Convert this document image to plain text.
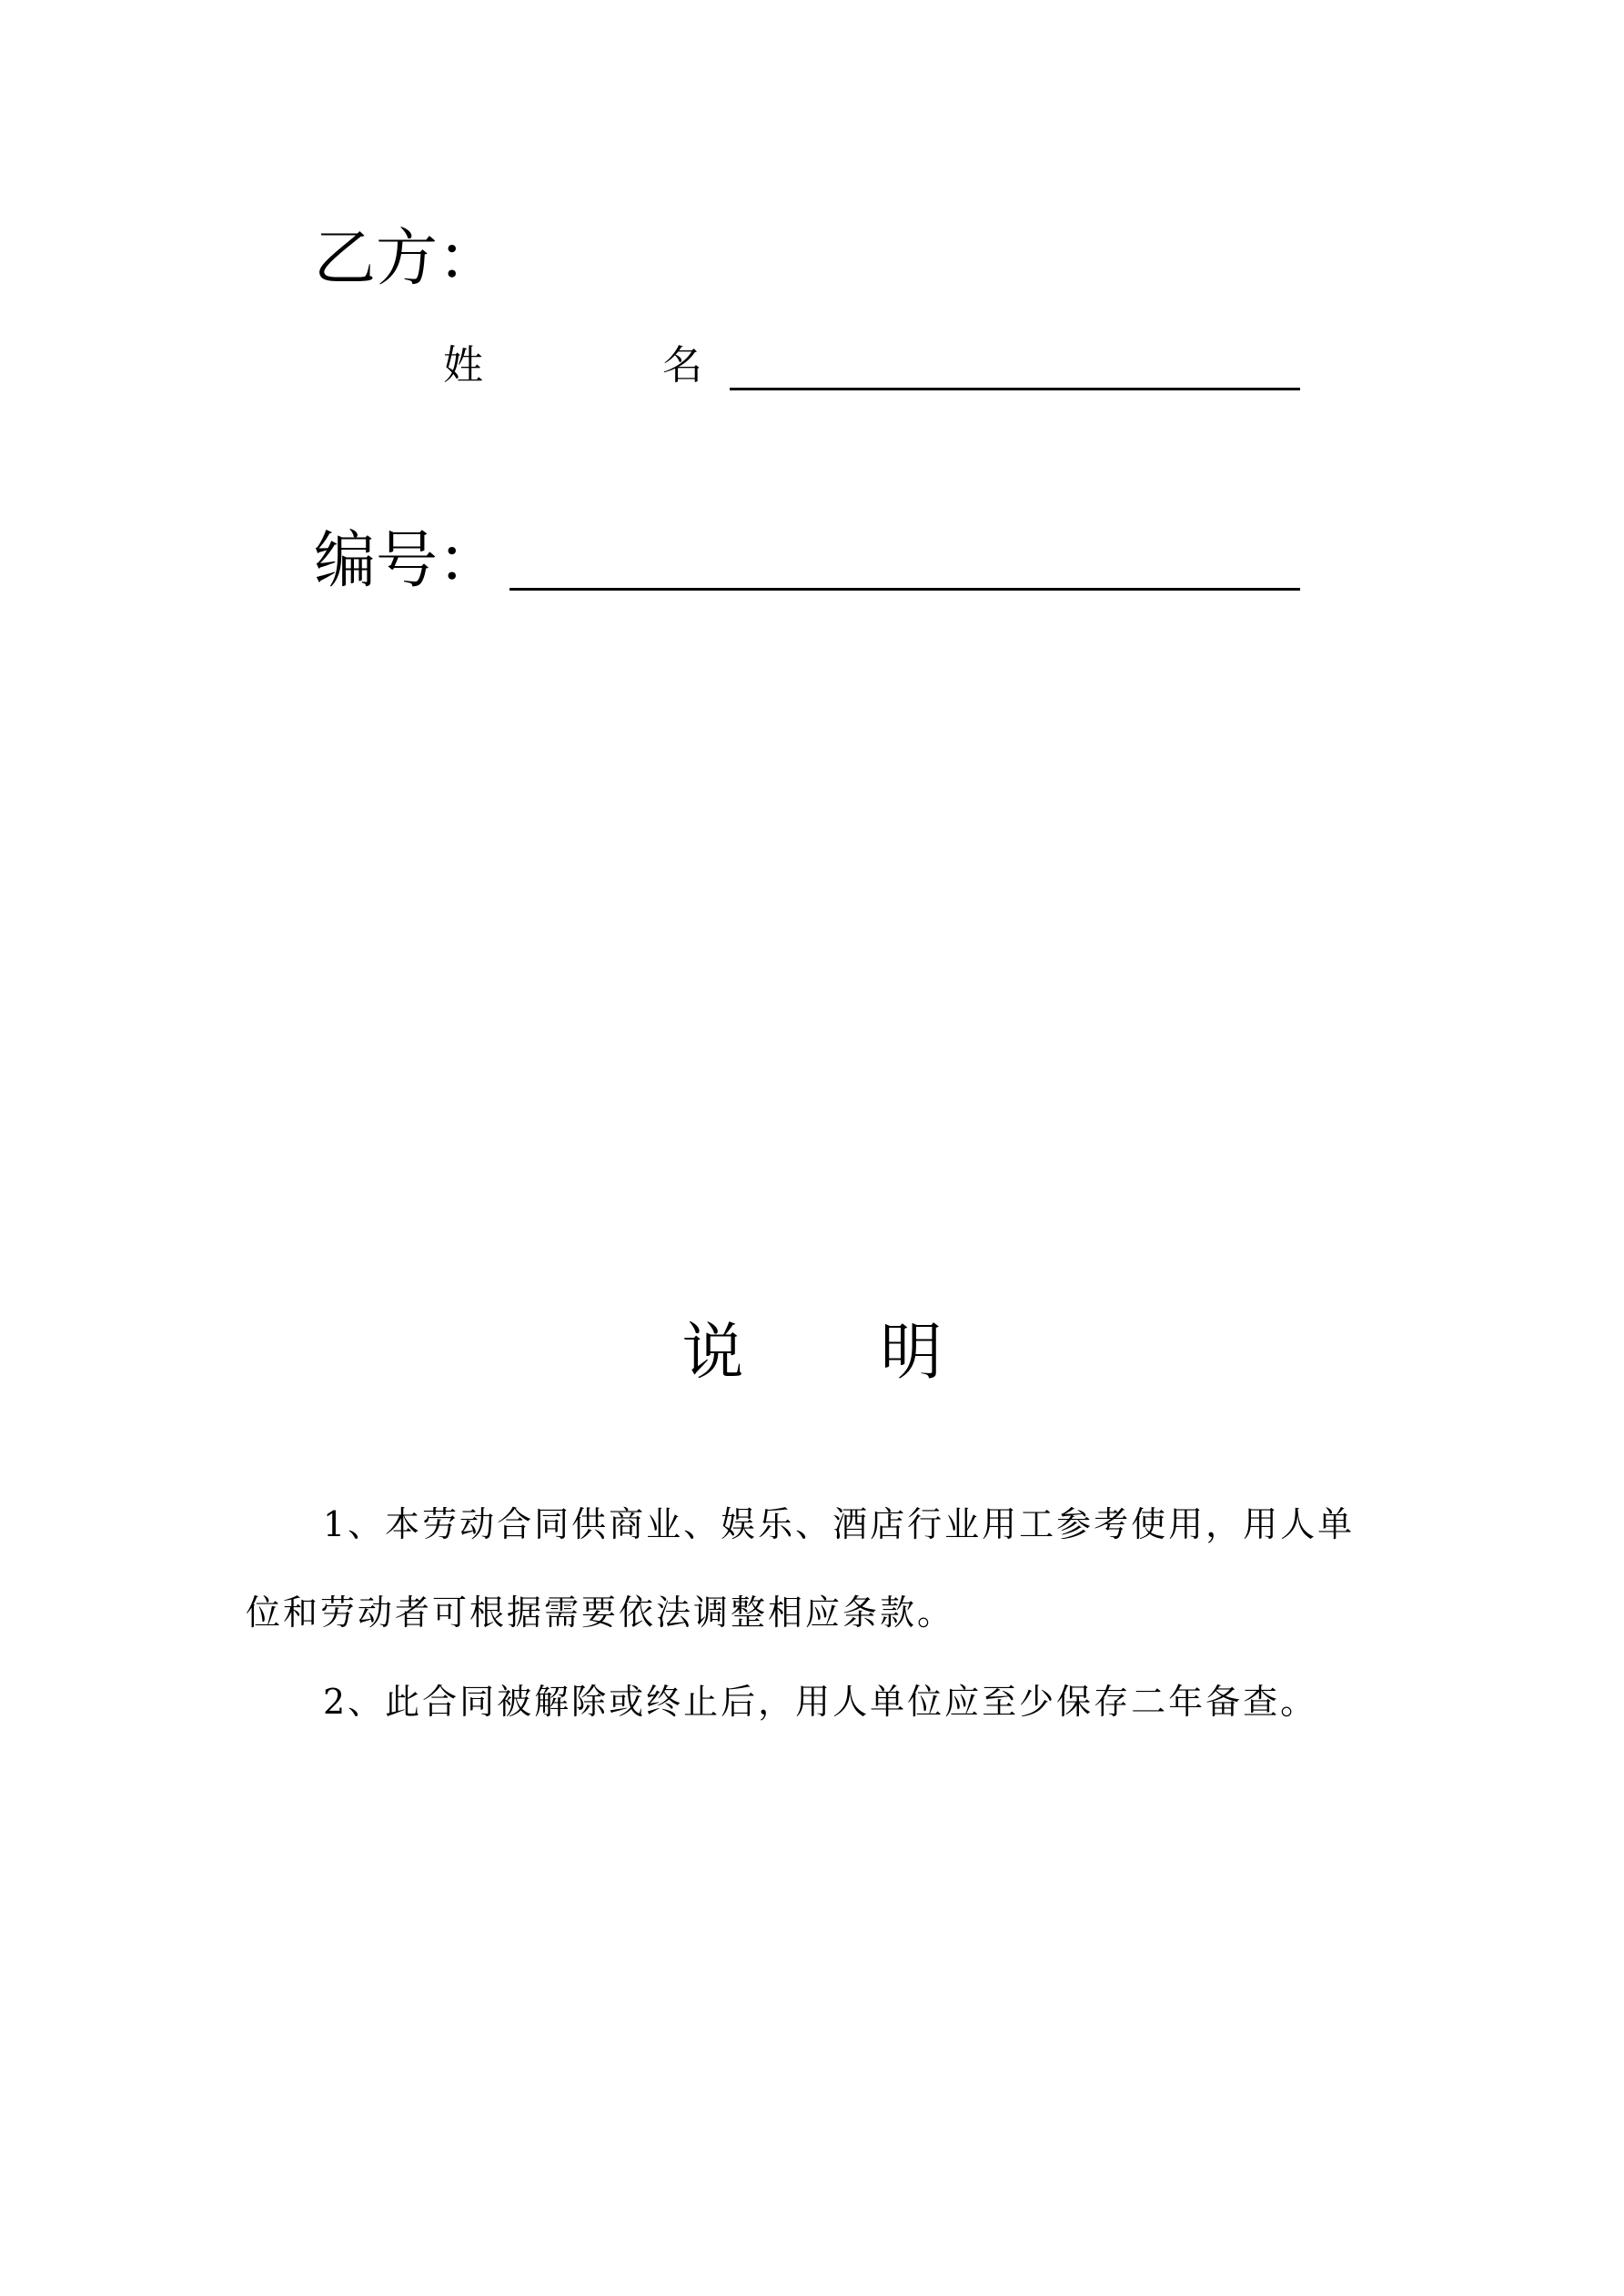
乙方：
姓	名
编号：
说 明
1、本劳动合同供商业、娱乐、酒店行业用工参考使用，用人单
位和劳动者可根据需要依法调整相应条款。
2、此合同被解除或终止后，用人单位应至少保存二年备查。
